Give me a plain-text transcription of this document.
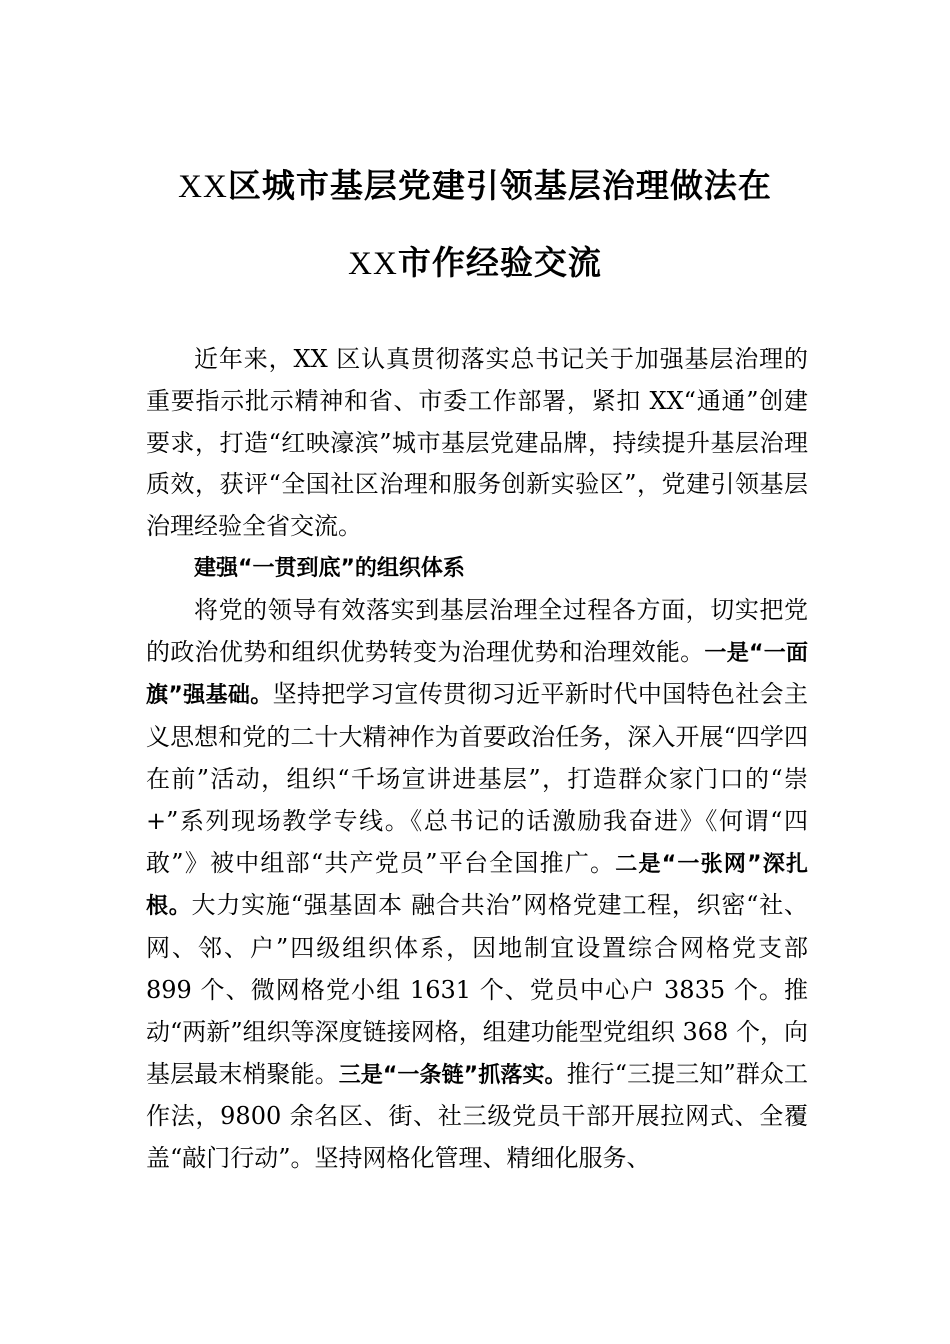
XX区城市基层党建引领基层治理做法在
XX市作经验交流

近年来，XX 区认真贯彻落实总书记关于加强基层治理的重要指示批示精神和省、市委工作部署，紧扣 XX“通通”创建要求，打造“红映濠滨”城市基层党建品牌，持续提升基层治理质效，获评“全国社区治理和服务创新实验区”，党建引领基层治理经验全省交流。

建强“一贯到底”的组织体系

将党的领导有效落实到基层治理全过程各方面，切实把党的政治优势和组织优势转变为治理优势和治理效能。一是“一面旗”强基础。坚持把学习宣传贯彻习近平新时代中国特色社会主义思想和党的二十大精神作为首要政治任务，深入开展“四学四在前”活动，组织“千场宣讲进基层”，打造群众家门口的“崇+”系列现场教学专线。《总书记的话激励我奋进》《何谓“四敢”》被中组部“共产党员”平台全国推广。二是“一张网”深扎根。大力实施“强基固本 融合共治”网格党建工程，织密“社、网、邻、户”四级组织体系，因地制宜设置综合网格党支部 899 个、微网格党小组 1631 个、党员中心户 3835 个。推动“两新”组织等深度链接网格，组建功能型党组织 368 个，向基层最末梢聚能。三是“一条链”抓落实。推行“三提三知”群众工作法，9800 余名区、街、社三级党员干部开展拉网式、全覆盖“敲门行动”。坚持网格化管理、精细化服务、
